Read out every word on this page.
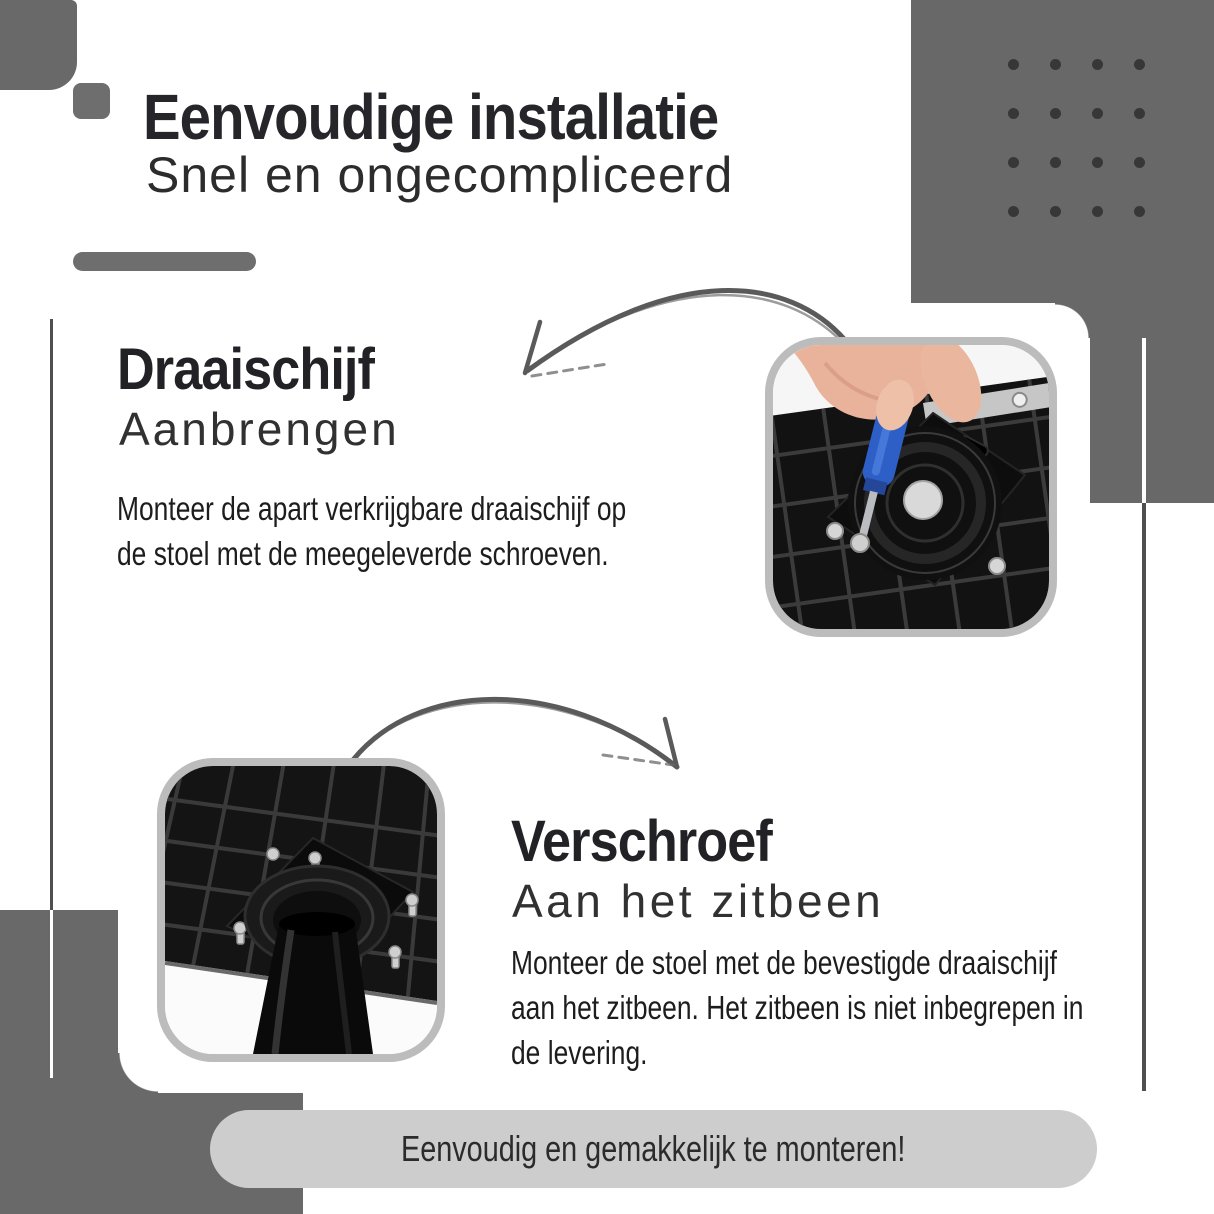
Eenvoudige installatie
Snel en ongecompliceerd
Draaischijf
Aanbrengen
Monteer de apart verkrijgbare draaischijf op
de stoel met de meegeleverde schroeven.
Verschroef
Aan het zitbeen
Monteer de stoel met de bevestigde draaischijf
aan het zitbeen. Het zitbeen is niet inbegrepen in
de levering.
Eenvoudig en gemakkelijk te monteren!
